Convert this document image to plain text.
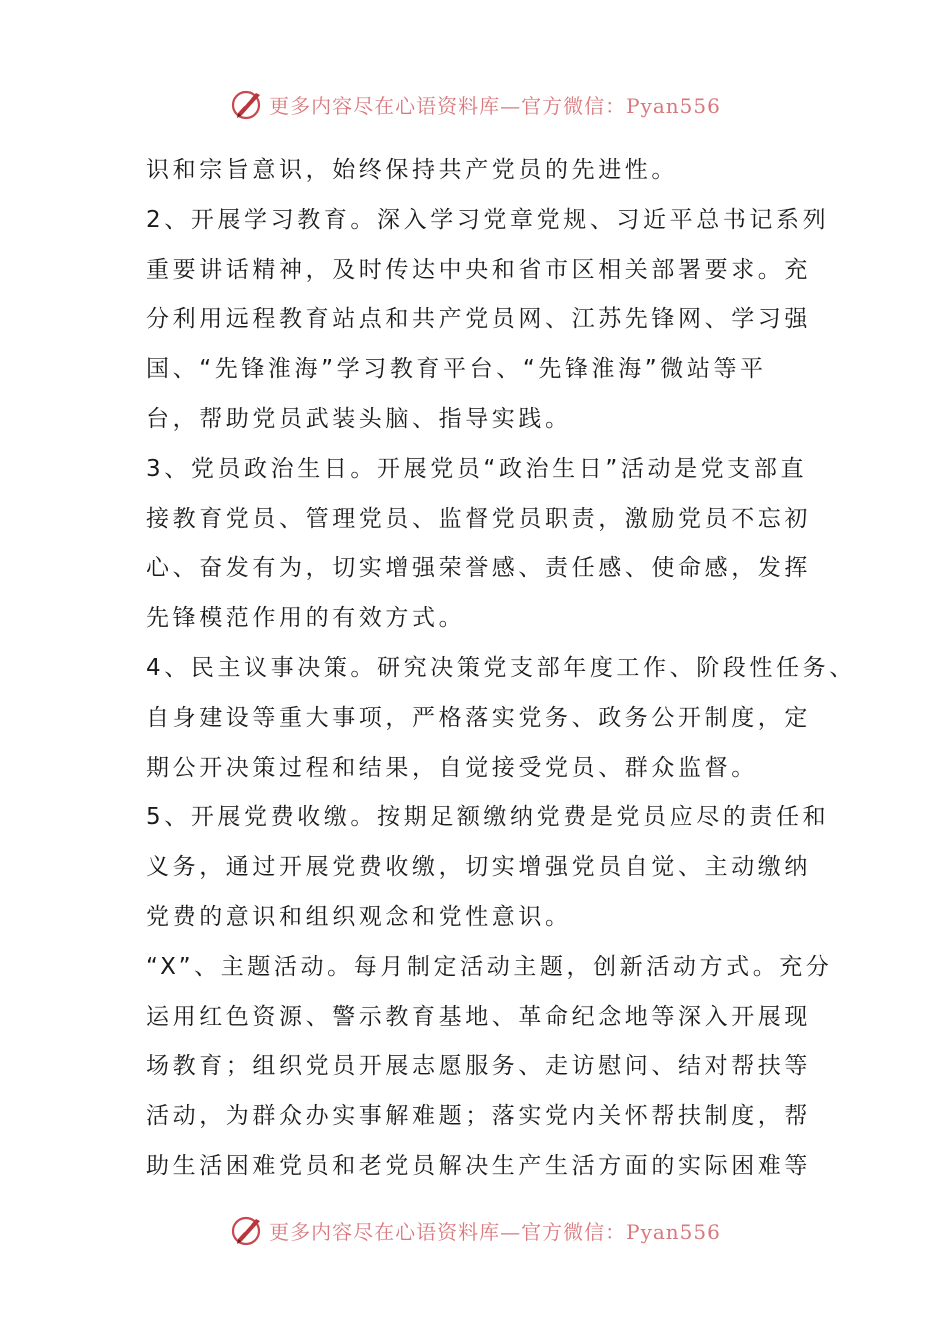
更多内容尽在心语资料库—官方微信：Pyan556
识和宗旨意识，始终保持共产党员的先进性。
2、开展学习教育。深入学习党章党规、习近平总书记系列
重要讲话精神，及时传达中央和省市区相关部署要求。充
分利用远程教育站点和共产党员网、江苏先锋网、学习强
国、“先锋淮海”学习教育平台、“先锋淮海”微站等平
台，帮助党员武装头脑、指导实践。
3、党员政治生日。开展党员“政治生日”活动是党支部直
接教育党员、管理党员、监督党员职责，激励党员不忘初
心、奋发有为，切实增强荣誉感、责任感、使命感，发挥
先锋模范作用的有效方式。
4、民主议事决策。研究决策党支部年度工作、阶段性任务、
自身建设等重大事项，严格落实党务、政务公开制度，定
期公开决策过程和结果，自觉接受党员、群众监督。
5、开展党费收缴。按期足额缴纳党费是党员应尽的责任和
义务，通过开展党费收缴，切实增强党员自觉、主动缴纳
党费的意识和组织观念和党性意识。
“X”、主题活动。每月制定活动主题，创新活动方式。充分
运用红色资源、警示教育基地、革命纪念地等深入开展现
场教育；组织党员开展志愿服务、走访慰问、结对帮扶等
活动，为群众办实事解难题；落实党内关怀帮扶制度，帮
助生活困难党员和老党员解决生产生活方面的实际困难等
更多内容尽在心语资料库—官方微信：Pyan556
